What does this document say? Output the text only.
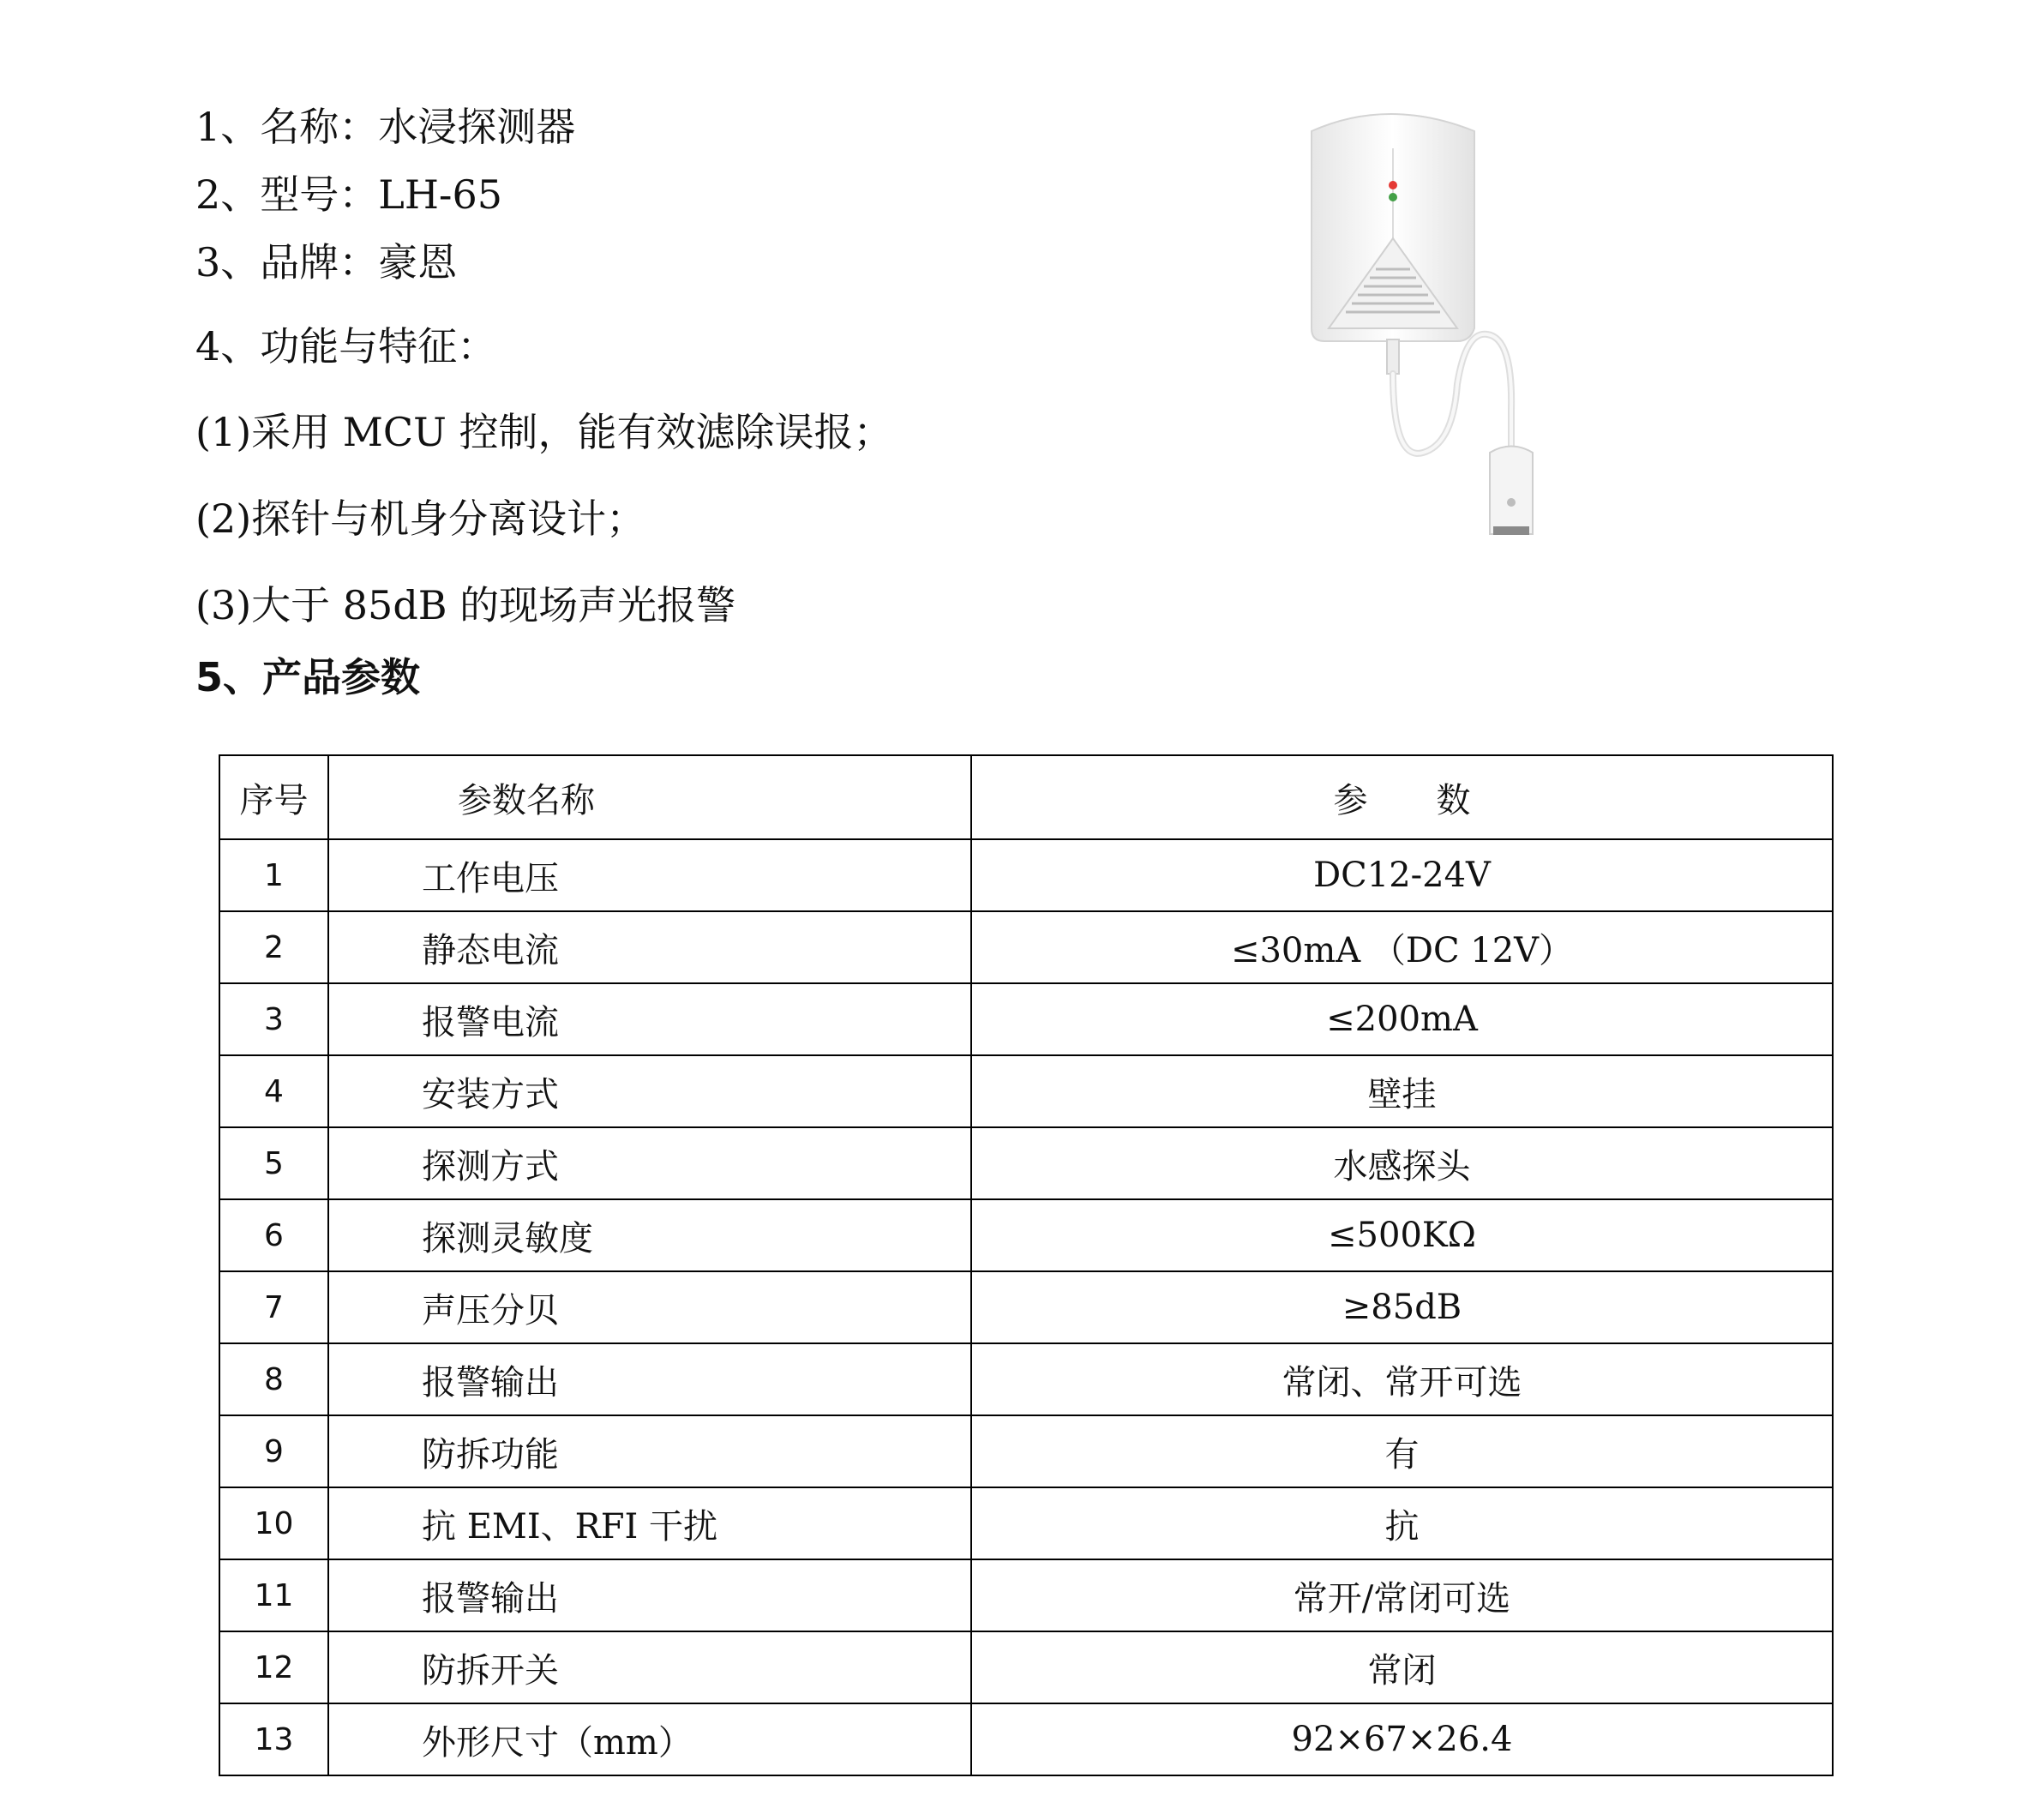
1、名称：水浸探测器
2、型号：LH-65
3、品牌：豪恩
4、功能与特征：
(1)采用 MCU 控制，能有效滤除误报；
(2)探针与机身分离设计；
(3)大于 85dB 的现场声光报警
5、产品参数
序号	参数名称	参　　数
1	工作电压	DC12-24V
2	静态电流	≤30mA （DC 12V）
3	报警电流	≤200mA
4	安装方式	壁挂
5	探测方式	水感探头
6	探测灵敏度	≤500KΩ
7	声压分贝	≥85dB
8	报警输出	常闭、常开可选
9	防拆功能	有
10	抗 EMI、RFI 干扰	抗
11	报警输出	常开/常闭可选
12	防拆开关	常闭
13	外形尺寸（mm）	92×67×26.4
